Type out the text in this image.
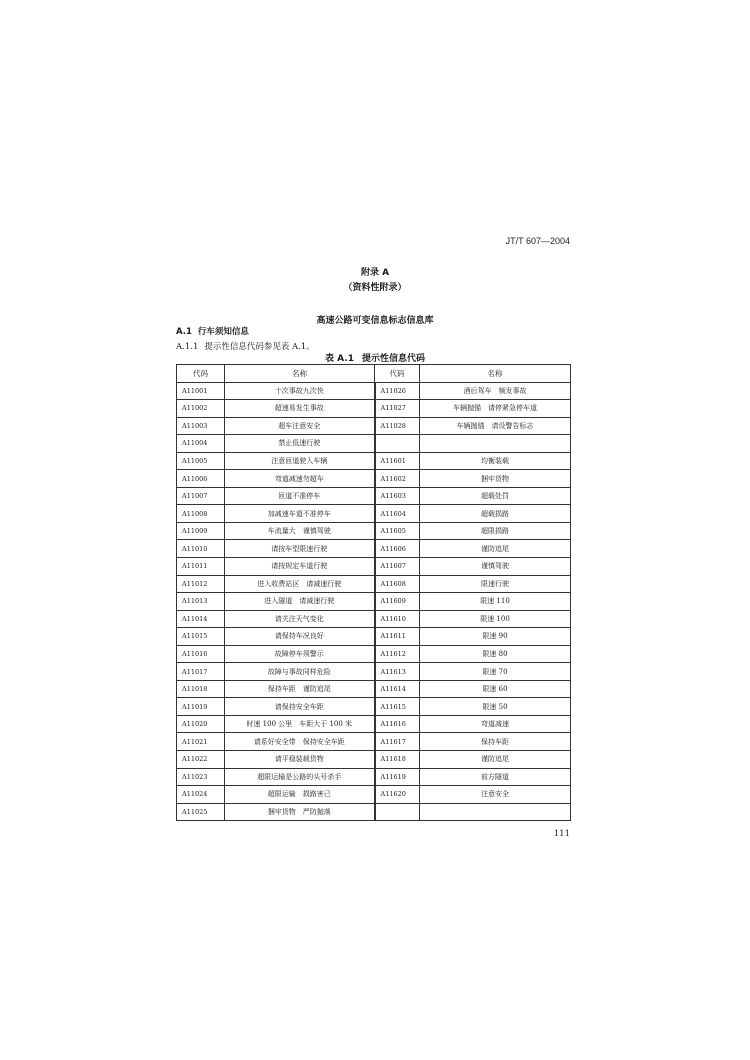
JT/T 607—2004
附录 A
（资料性附录）
高速公路可变信息标志信息库
A.1 行车须知信息
A.1.1 提示性信息代码参见表 A.1。
表 A.1 提示性信息代码
代码	名称	代码	名称
A11001	十次事故九次快	A11026	酒后驾车　频发事故
A11002	超速易发生事故	A11027	车辆抛锚　请停紧急停车道
A11003	超车注意安全	A11028	车辆抛锚　请设警告标志
A11004	禁止低速行驶		
A11005	注意匝道驶入车辆	A11601	均衡装载
A11006	弯道减速勿超车	A11602	捆牢货物
A11007	匝道不准停车	A11603	超载处罚
A11008	加减速车道不准停车	A11604	超载损路
A11009	车流量大　谨慎驾驶	A11605	超限损路
A11010	请按车型限速行驶	A11606	谨防追尾
A11011	请按规定车道行驶	A11607	谨慎驾驶
A11012	进入收费站区　请减速行驶	A11608	限速行驶
A11013	进入隧道　请减速行驶	A11609	限速 110
A11014	请关注天气变化	A11610	限速 100
A11015	请保持车况良好	A11611	限速 90
A11016	故障停车须警示	A11612	限速 80
A11017	故障与事故同样危险	A11613	限速 70
A11018	保持车距　谨防追尾	A11614	限速 60
A11019	请保持安全车距	A11615	限速 50
A11020	时速 100 公里　车距大于 100 米	A11616	弯道减速
A11021	请系好安全带　保持安全车距	A11617	保持车距
A11022	请平稳装载货物	A11618	谨防追尾
A11023	超限运输是公路的头号杀手	A11619	前方隧道
A11024	超限运输　损路害己	A11620	注意安全
A11025	捆牢货物　严防抛落		
111
